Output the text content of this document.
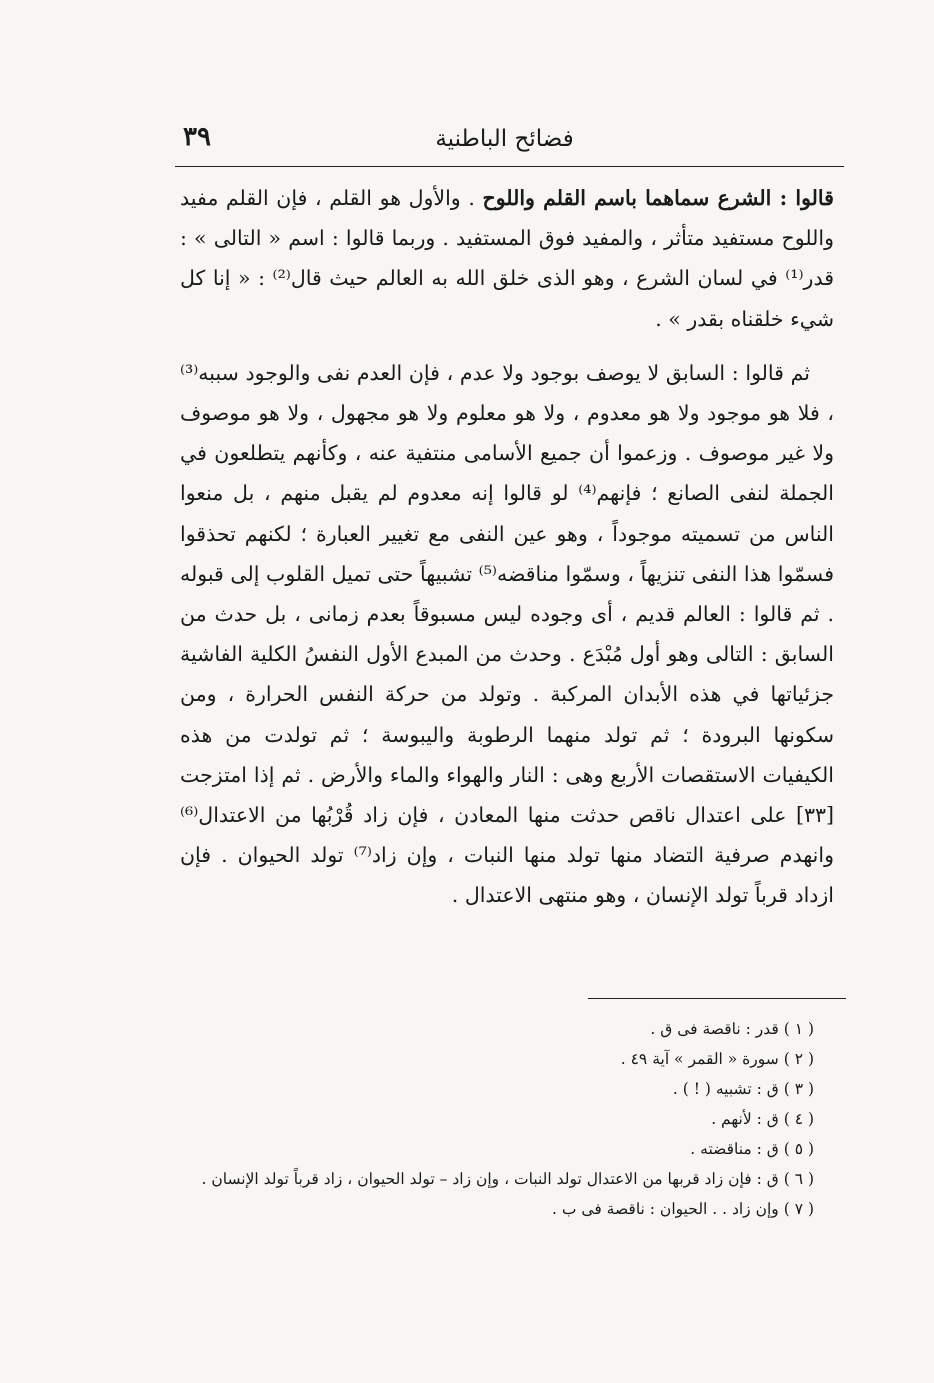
فضائح الباطنية
٣٩

قالوا : الشرع سماهما باسم القلم واللوح . والأول هو القلم ، فإن القلم مفيد واللوح مستفيد متأثر ، والمفيد فوق المستفيد . وربما قالوا : اسم « التالى » : قدر⁽¹⁾ في لسان الشرع ، وهو الذى خلق الله به العالم حيث قال⁽²⁾ : « إنا كل شيء خلقناه بقدر » .

ثم قالوا : السابق لا يوصف بوجود ولا عدم ، فإن العدم نفى والوجود سببه⁽³⁾ ، فلا هو موجود ولا هو معدوم ، ولا هو معلوم ولا هو مجهول ، ولا هو موصوف ولا غير موصوف . وزعموا أن جميع الأسامى منتفية عنه ، وكأنهم يتطلعون في الجملة لنفى الصانع ؛ فإنهم⁽⁴⁾ لو قالوا إنه معدوم لم يقبل منهم ، بل منعوا الناس من تسميته موجوداً ، وهو عين النفى مع تغيير العبارة ؛ لكنهم تحذقوا فسمّوا هذا النفى تنزيهاً ، وسمّوا مناقضه⁽⁵⁾ تشبيهاً حتى تميل القلوب إلى قبوله . ثم قالوا : العالم قديم ، أى وجوده ليس مسبوقاً بعدم زمانى ، بل حدث من السابق : التالى وهو أول مُبْدَع . وحدث من المبدع الأول النفسُ الكلية الفاشية جزئياتها في هذه الأبدان المركبة . وتولد من حركة النفس الحرارة ، ومن سكونها البرودة ؛ ثم تولد منهما الرطوبة واليبوسة ؛ ثم تولدت من هذه الكيفيات الاستقصات الأربع وهى : النار والهواء والماء والأرض . ثم إذا امتزجت [٣٣] على اعتدال ناقص حدثت منها المعادن ، فإن زاد قُرْبُها من الاعتدال⁽⁶⁾ وانهدم صرفية التضاد منها تولد منها النبات ، وإن زاد⁽⁷⁾ تولد الحيوان . فإن ازداد قرباً تولد الإنسان ، وهو منتهى الاعتدال .

( ١ ) قدر : ناقصة فى ق .

( ٢ ) سورة « القمر » آية ٤٩ .

( ٣ ) ق : تشبيه ( ! ) .

( ٤ ) ق : لأنهم .

( ٥ ) ق : مناقضته .

( ٦ ) ق : فإن زاد قربها من الاعتدال تولد النبات ، وإن زاد – تولد الحيوان ، زاد قرباً تولد الإنسان .

( ٧ ) وإن زاد . . الحيوان : ناقصة فى ب .
